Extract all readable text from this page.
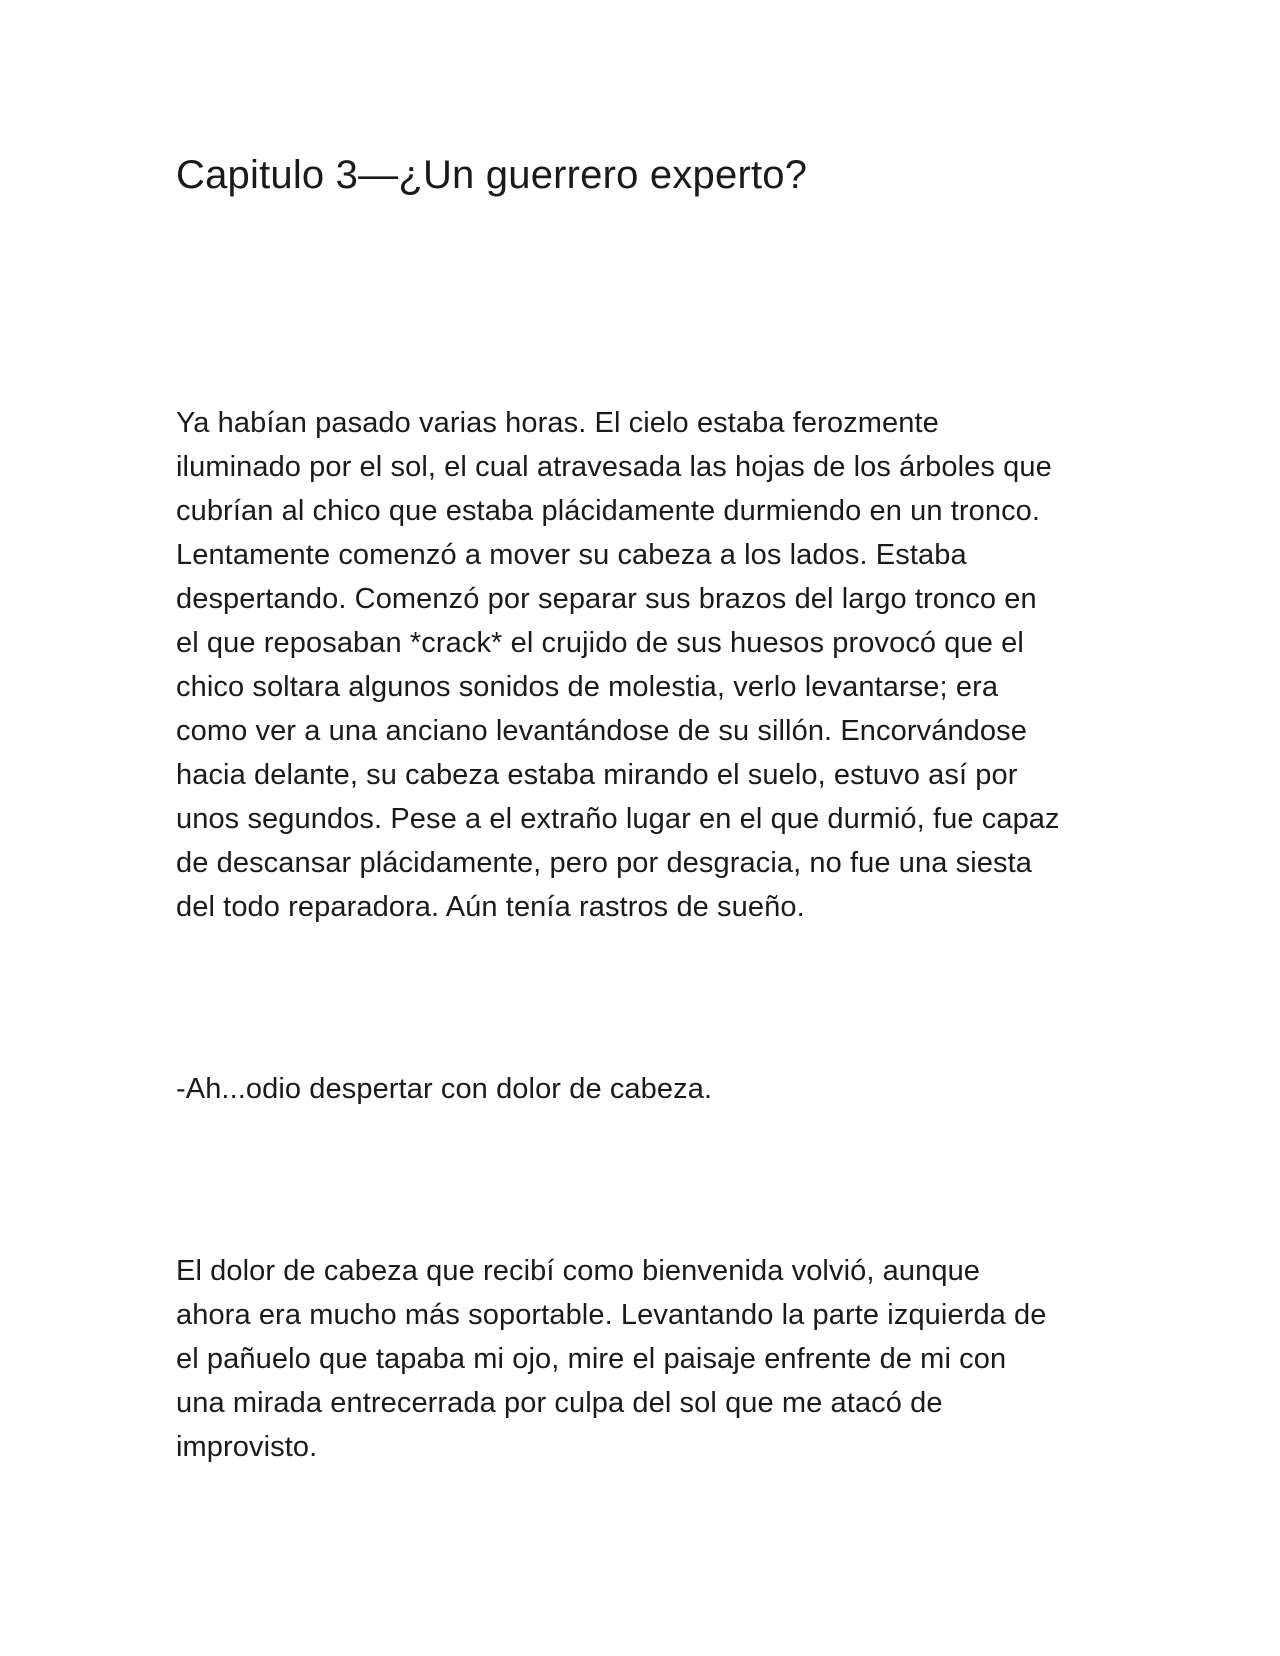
Capitulo 3—¿Un guerrero experto?

Ya habían pasado varias horas. El cielo estaba ferozmente
iluminado por el sol, el cual atravesada las hojas de los árboles que
cubrían al chico que estaba plácidamente durmiendo en un tronco.
Lentamente comenzó a mover su cabeza a los lados. Estaba
despertando. Comenzó por separar sus brazos del largo tronco en
el que reposaban *crack* el crujido de sus huesos provocó que el
chico soltara algunos sonidos de molestia, verlo levantarse; era
como ver a una anciano levantándose de su sillón. Encorvándose
hacia delante, su cabeza estaba mirando el suelo, estuvo así por
unos segundos. Pese a el extraño lugar en el que durmió, fue capaz
de descansar plácidamente, pero por desgracia, no fue una siesta
del todo reparadora. Aún tenía rastros de sueño.

-Ah...odio despertar con dolor de cabeza.

El dolor de cabeza que recibí como bienvenida volvió, aunque
ahora era mucho más soportable. Levantando la parte izquierda de
el pañuelo que tapaba mi ojo, mire el paisaje enfrente de mi con
una mirada entrecerrada por culpa del sol que me atacó de
improvisto.
